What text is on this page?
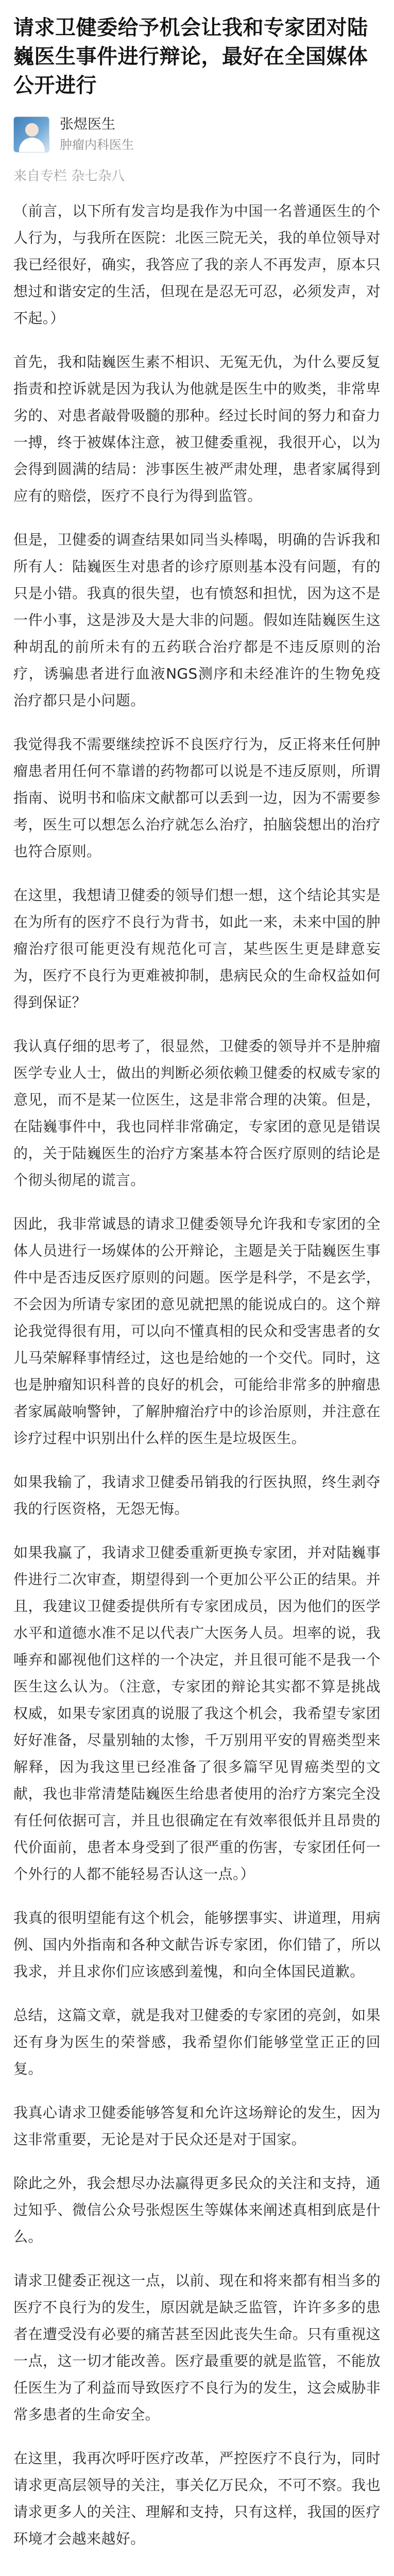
请求卫健委给予机会让我和专家团对陆巍医生事件进行辩论，最好在全国媒体公开进行
张煜医生
肿瘤内科医生
来自专栏 杂七杂八

（前言，以下所有发言均是我作为中国一名普通医生的个人行为，与我所在医院：北医三院无关，我的单位领导对我已经很好，确实，我答应了我的亲人不再发声，原本只想过和谐安定的生活，但现在是忍无可忍，必须发声，对不起。）

首先，我和陆巍医生素不相识、无冤无仇，为什么要反复指责和控诉就是因为我认为他就是医生中的败类，非常卑劣的、对患者敲骨吸髓的那种。经过长时间的努力和奋力一搏，终于被媒体注意，被卫健委重视，我很开心，以为会得到圆满的结局：涉事医生被严肃处理，患者家属得到应有的赔偿，医疗不良行为得到监管。

但是，卫健委的调查结果如同当头棒喝，明确的告诉我和所有人：陆巍医生对患者的诊疗原则基本没有问题，有的只是小错。我真的很失望，也有愤怒和担忧，因为这不是一件小事，这是涉及大是大非的问题。假如连陆巍医生这种胡乱的前所未有的五药联合治疗都是不违反原则的治疗，诱骗患者进行血液NGS测序和未经准许的生物免疫治疗都只是小问题。

我觉得我不需要继续控诉不良医疗行为，反正将来任何肿瘤患者用任何不靠谱的药物都可以说是不违反原则，所谓指南、说明书和临床文献都可以丢到一边，因为不需要参考，医生可以想怎么治疗就怎么治疗，拍脑袋想出的治疗也符合原则。

在这里，我想请卫健委的领导们想一想，这个结论其实是在为所有的医疗不良行为背书，如此一来，未来中国的肿瘤治疗很可能更没有规范化可言，某些医生更是肆意妄为，医疗不良行为更难被抑制，患病民众的生命权益如何得到保证？

我认真仔细的思考了，很显然，卫健委的领导并不是肿瘤医学专业人士，做出的判断必须依赖卫健委的权威专家的意见，而不是某一位医生，这是非常合理的决策。但是，在陆巍事件中，我也同样非常确定，专家团的意见是错误的，关于陆巍医生的治疗方案基本符合医疗原则的结论是个彻头彻尾的谎言。

因此，我非常诚恳的请求卫健委领导允许我和专家团的全体人员进行一场媒体的公开辩论，主题是关于陆巍医生事件中是否违反医疗原则的问题。医学是科学，不是玄学，不会因为所请专家团的意见就把黑的能说成白的。这个辩论我觉得很有用，可以向不懂真相的民众和受害患者的女儿马荣解释事情经过，这也是给她的一个交代。同时，这也是肿瘤知识科普的良好的机会，可能给非常多的肿瘤患者家属敲响警钟，了解肿瘤治疗中的诊治原则，并注意在诊疗过程中识别出什么样的医生是垃圾医生。

如果我输了，我请求卫健委吊销我的行医执照，终生剥夺我的行医资格，无怨无悔。

如果我赢了，我请求卫健委重新更换专家团，并对陆巍事件进行二次审查，期望得到一个更加公平公正的结果。并且，我建议卫健委提供所有专家团成员，因为他们的医学水平和道德水准不足以代表广大医务人员。坦率的说，我唾弃和鄙视他们这样的一个决定，并且很可能不是我一个医生这么认为。（注意，专家团的辩论其实都不算是挑战权威，如果专家团真的说服了我这个机会，我希望专家团好好准备，尽量别轴的太惨，千万别用平安的胃癌类型来解释，因为我这里已经准备了很多篇罕见胃癌类型的文献，我也非常清楚陆巍医生给患者使用的治疗方案完全没有任何依据可言，并且也很确定在有效率很低并且昂贵的代价面前，患者本身受到了很严重的伤害，专家团任何一个外行的人都不能轻易否认这一点。）

我真的很明望能有这个机会，能够摆事实、讲道理，用病例、国内外指南和各种文献告诉专家团，你们错了，所以我求，并且求你们应该感到羞愧，和向全体国民道歉。

总结，这篇文章，就是我对卫健委的专家团的亮剑，如果还有身为医生的荣誉感，我希望你们能够堂堂正正的回复。

我真心请求卫健委能够答复和允许这场辩论的发生，因为这非常重要，无论是对于民众还是对于国家。

除此之外，我会想尽办法赢得更多民众的关注和支持，通过知乎、微信公众号张煜医生等媒体来阐述真相到底是什么。

请求卫健委正视这一点，以前、现在和将来都有相当多的医疗不良行为的发生，原因就是缺乏监管，许许多多的患者在遭受没有必要的痛苦甚至因此丧失生命。只有重视这一点，这一切才能改善。医疗最重要的就是监管，不能放任医生为了利益而导致医疗不良行为的发生，这会威胁非常多患者的生命安全。

在这里，我再次呼吁医疗改革，严控医疗不良行为，同时请求更高层领导的关注，事关亿万民众，不可不察。我也请求更多人的关注、理解和支持，只有这样，我国的医疗环境才会越来越好。
